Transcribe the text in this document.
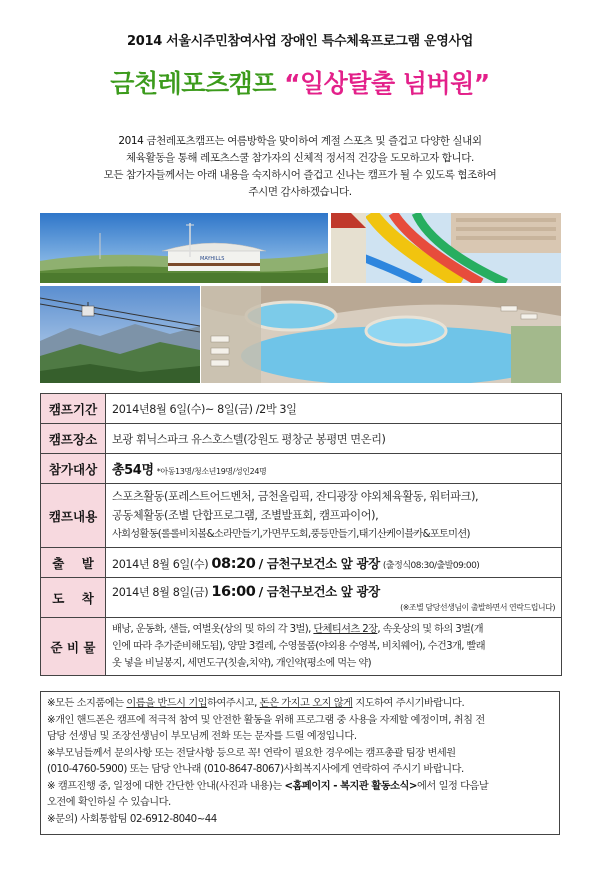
2014 서울시주민참여사업 장애인 특수체육프로그램 운영사업
금천레포츠캠프 “일상탈출 넘버원”
2014 금천레포츠캠프는 여름방학을 맞이하여 계절 스포츠 및 즐겁고 다양한 실내외
체육활동을 통해 레포츠스쿨 참가자의 신체적 정서적 건강을 도모하고자 합니다.
모든 참가자들께서는 아래 내용을 숙지하시어 즐겁고 신나는 캠프가 될 수 있도록 협조하여
주시면 감사하겠습니다.
MAYHILLS
캠프기간	2014년8월 6일(수)~ 8일(금) /2박 3일
캠프장소	보광 휘닉스파크 유스호스텔(강원도 평창군 봉평면 면온리)
참가대상	총54명 *아동13명/청소년19명/성인24명
캠프내용	스포츠활동(포레스트어드벤처, 금천올림픽, 잔디광장 야외체육활동, 워터파크),
공동체활동(조별 단합프로그램, 조별발표회, 캠프파이어),
사회성활동(롤롤비치볼&소라만들기,가면무도회,풍등만들기,태기산케이블카&포토미션)

출 발	2014년 8월 6일(수) 08:20 / 금천구보건소 앞 광장 (출정식08:30/출발09:00)
도 착	2014년 8월 8일(금) 16:00 / 금천구보건소 앞 광장
(※조별 담당선생님이 출발하면서 연락드립니다)

준 비 물	배낭, 운동화, 샌들, 여벌옷(상의 및 하의 각 3벌), 단체티셔츠 2장, 속옷상의 및 하의 3벌(개
인에 따라 추가준비해도됨), 양말 3켤레, 수영물품(야외용 수영복, 비치웨어), 수건3개, 빨래
옷 넣을 비닐봉지, 세면도구(칫솔,치약), 개인약(평소에 먹는 약)
※모든 소지품에는 이름을 반드시 기입하여주시고, 돈은 가지고 오지 않게 지도하여 주시기바랍니다.
※개인 핸드폰은 캠프에 적극적 참여 및 안전한 활동을 위해 프로그램 중 사용을 자제할 예정이며, 취침 전
담당 선생님 및 조장선생님이 부모님께 전화 또는 문자를 드릴 예정입니다.
※부모님들께서 문의사항 또는 전달사항 등으로 꼭! 연락이 필요한 경우에는 캠프총괄 팀장 변세원
(010-4760-5900) 또는 담당 안나래 (010-8647-8067)사회복지사에게 연락하여 주시기 바랍니다.
※ 캠프진행 중, 일정에 대한 간단한 안내(사진과 내용)는 <홈페이지 - 복지관 활동소식>에서 일정 다음날
오전에 확인하실 수 있습니다.
※문의) 사회통합팀 02-6912-8040~44
